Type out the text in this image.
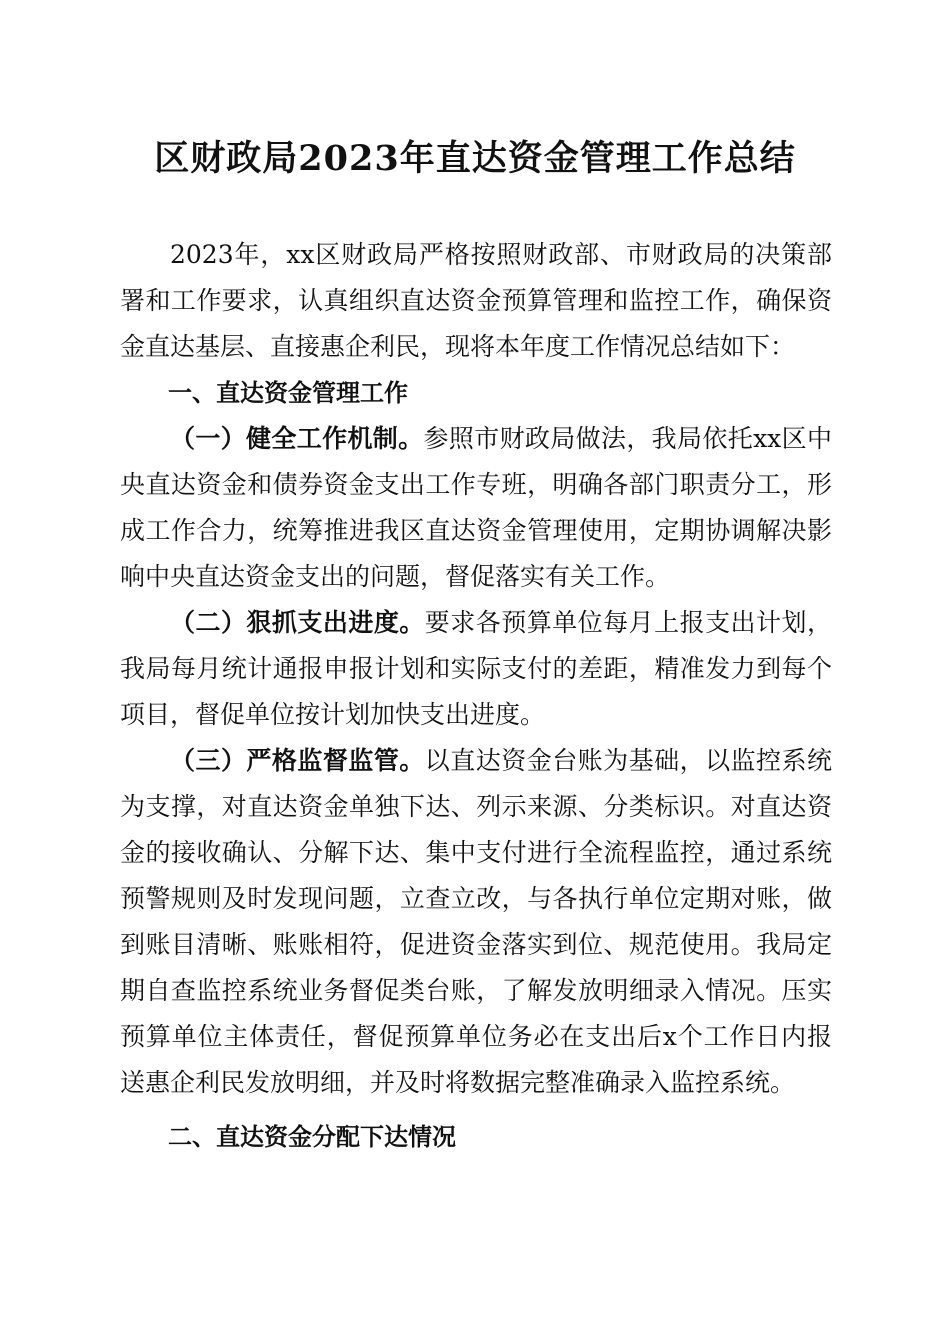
区财政局2023年直达资金管理工作总结

2023年，xx区财政局严格按照财政部、市财政局的决策部署和工作要求，认真组织直达资金预算管理和监控工作，确保资金直达基层、直接惠企利民，现将本年度工作情况总结如下：

一、直达资金管理工作

（一）健全工作机制。参照市财政局做法，我局依托xx区中央直达资金和债券资金支出工作专班，明确各部门职责分工，形成工作合力，统筹推进我区直达资金管理使用，定期协调解决影响中央直达资金支出的问题，督促落实有关工作。

（二）狠抓支出进度。要求各预算单位每月上报支出计划，我局每月统计通报申报计划和实际支付的差距，精准发力到每个项目，督促单位按计划加快支出进度。

（三）严格监督监管。以直达资金台账为基础，以监控系统为支撑，对直达资金单独下达、列示来源、分类标识。对直达资金的接收确认、分解下达、集中支付进行全流程监控，通过系统预警规则及时发现问题，立查立改，与各执行单位定期对账，做到账目清晰、账账相符，促进资金落实到位、规范使用。我局定期自查监控系统业务督促类台账，了解发放明细录入情况。压实预算单位主体责任，督促预算单位务必在支出后x个工作日内报送惠企利民发放明细，并及时将数据完整准确录入监控系统。

二、直达资金分配下达情况
